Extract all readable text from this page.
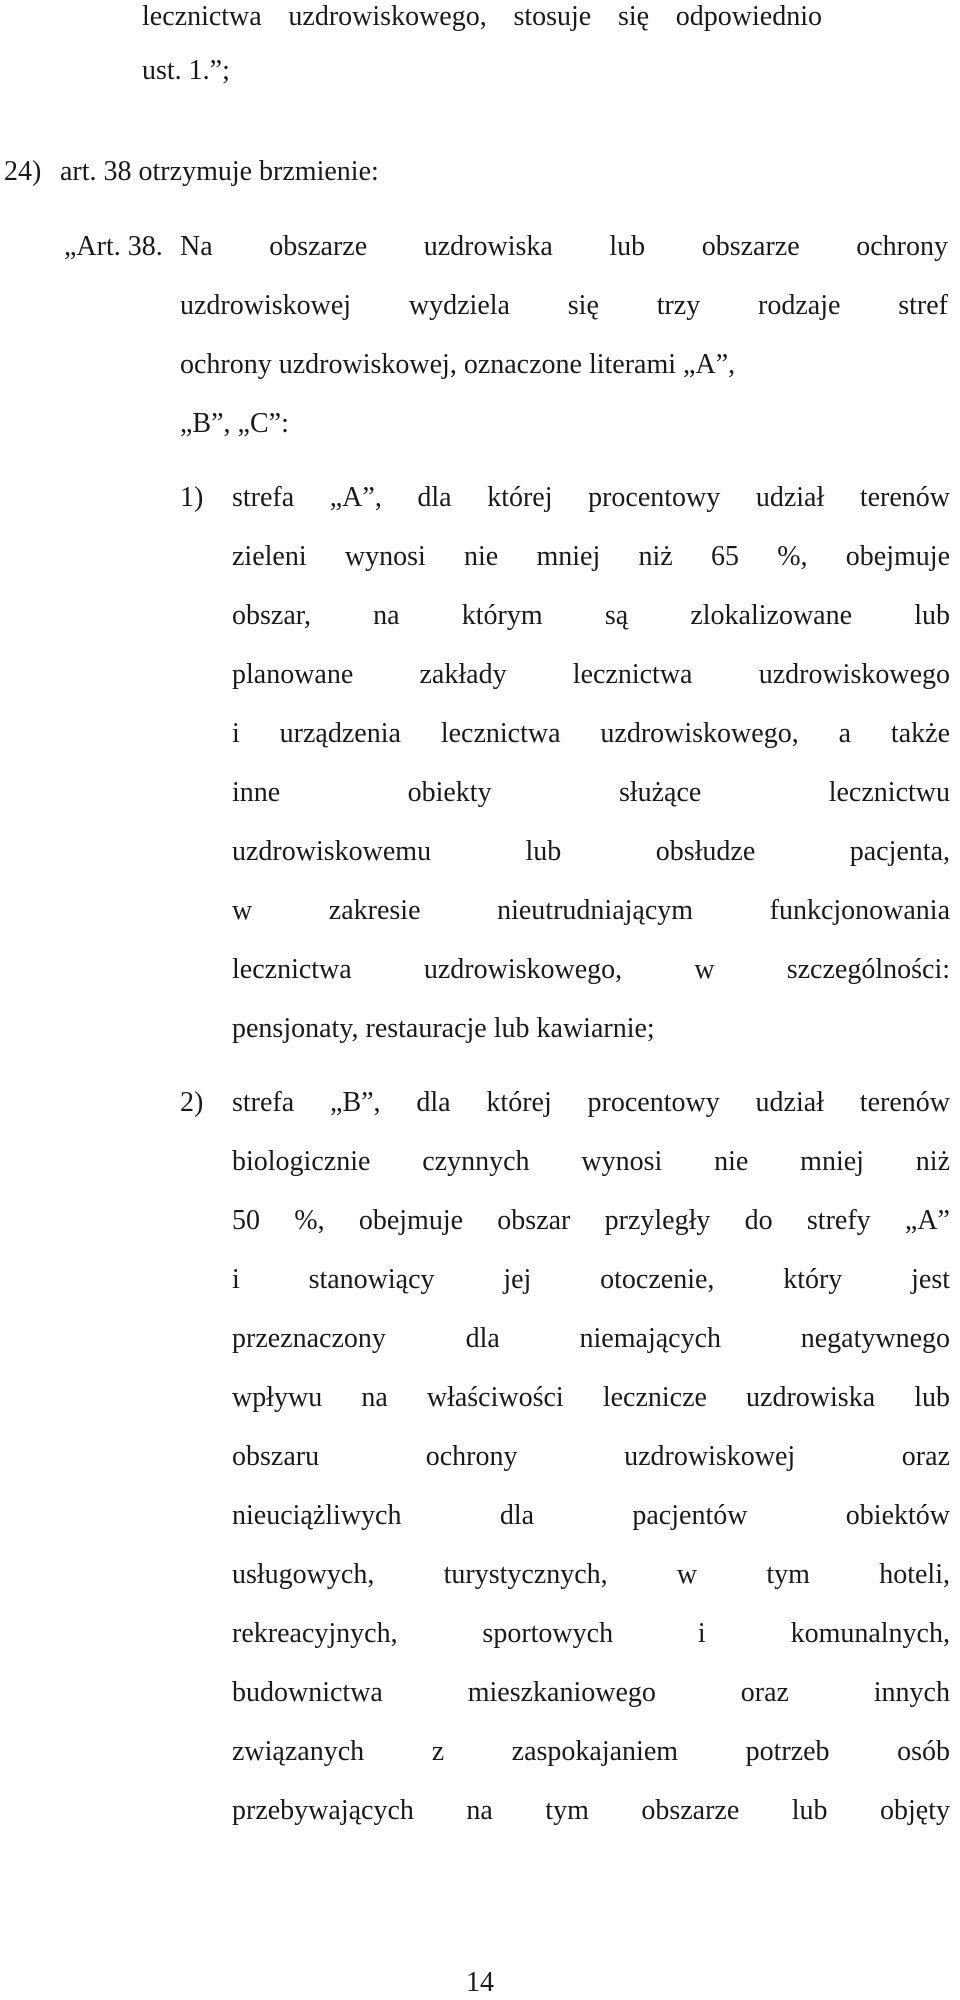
lecznictwa uzdrowiskowego, stosuje się odpowiednio

ust. 1.”;

24) art. 38 otrzymuje brzmienie:
„Art. 38. Na obszarze uzdrowiska lub obszarze ochrony

uzdrowiskowej wydziela się trzy rodzaje stref

ochrony uzdrowiskowej, oznaczone literami „A”,

„B”, „C”:

1) strefa „A”, dla której procentowy udział terenów

zieleni wynosi nie mniej niż 65 %, obejmuje

obszar, na którym są zlokalizowane lub

planowane zakłady lecznictwa uzdrowiskowego

i urządzenia lecznictwa uzdrowiskowego, a także

inne obiekty służące lecznictwu

uzdrowiskowemu lub obsłudze pacjenta,

w zakresie nieutrudniającym funkcjonowania

lecznictwa uzdrowiskowego, w szczególności:

pensjonaty, restauracje lub kawiarnie;

2) strefa „B”, dla której procentowy udział terenów

biologicznie czynnych wynosi nie mniej niż

50 %, obejmuje obszar przyległy do strefy „A”

i stanowiący jej otoczenie, który jest

przeznaczony dla niemających negatywnego

wpływu na właściwości lecznicze uzdrowiska lub

obszaru ochrony uzdrowiskowej oraz

nieuciążliwych dla pacjentów obiektów

usługowych, turystycznych, w tym hoteli,

rekreacyjnych, sportowych i komunalnych,

budownictwa mieszkaniowego oraz innych

związanych z zaspokajaniem potrzeb osób

przebywających na tym obszarze lub objęty

14
